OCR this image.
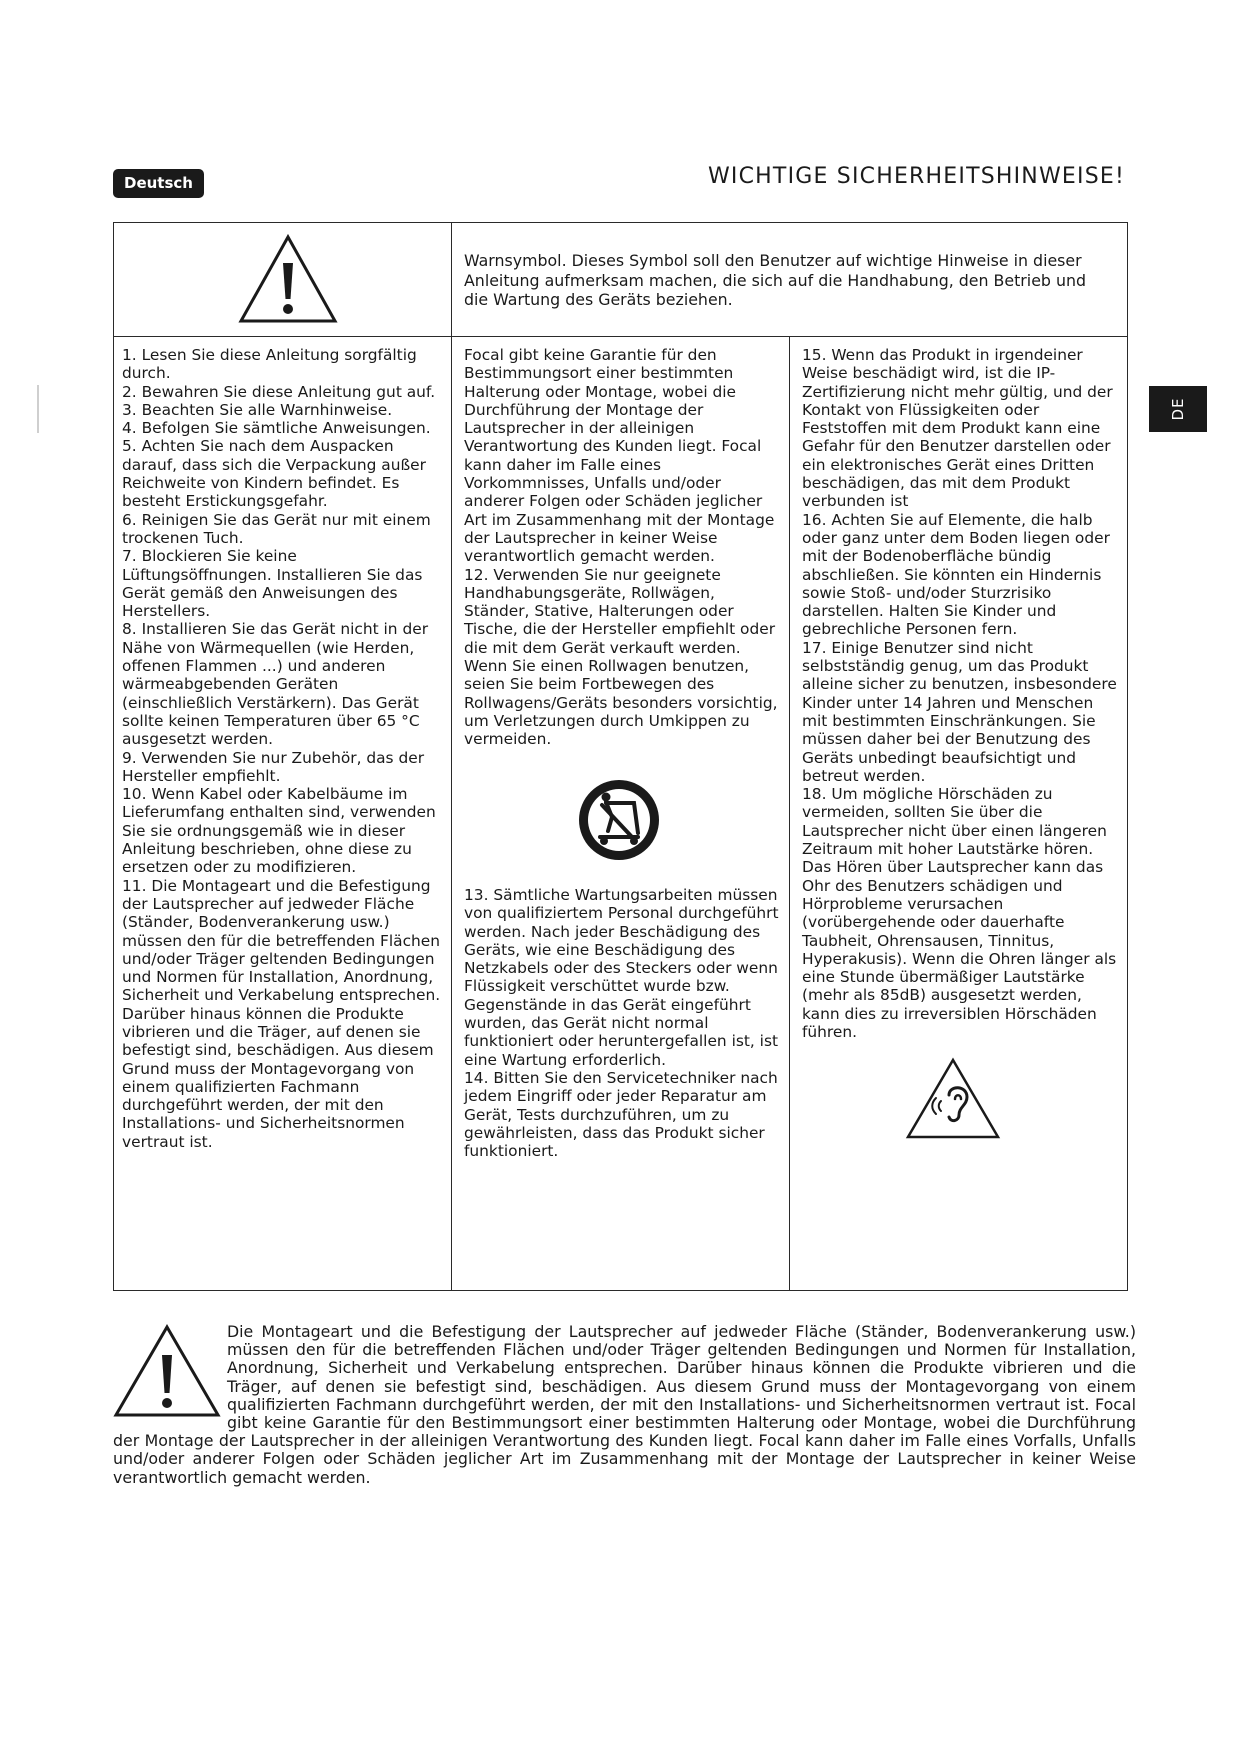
Deutsch	WICHTIGE SICHERHEITSHINWEISE!
DE

Warnsymbol. Dieses Symbol soll den Benutzer auf wichtige Hinweise in dieser Anleitung aufmerksam machen, die sich auf die Handhabung, den Betrieb und die Wartung des Geräts beziehen.

1. Lesen Sie diese Anleitung sorgfältig durch.

2. Bewahren Sie diese Anleitung gut auf.

3. Beachten Sie alle Warnhinweise.

4. Befolgen Sie sämtliche Anweisungen.

5. Achten Sie nach dem Auspacken darauf, dass sich die Verpackung außer Reichweite von Kindern befindet. Es besteht Erstickungsgefahr.

6. Reinigen Sie das Gerät nur mit einem trockenen Tuch.

7. Blockieren Sie keine Lüftungsöffnungen. Installieren Sie das Gerät gemäß den Anweisungen des Herstellers.

8. Installieren Sie das Gerät nicht in der Nähe von Wärmequellen (wie Herden, offenen Flammen ...) und anderen wärmeabgebenden Geräten (einschließlich Verstärkern). Das Gerät sollte keinen Temperaturen über 65 °C ausgesetzt werden.

9. Verwenden Sie nur Zubehör, das der Hersteller empfiehlt.

10. Wenn Kabel oder Kabelbäume im Lieferumfang enthalten sind, verwenden Sie sie ordnungsgemäß wie in dieser Anleitung beschrieben, ohne diese zu ersetzen oder zu modifizieren.

11. Die Montageart und die Befestigung der Lautsprecher auf jedweder Fläche (Ständer, Bodenverankerung usw.) müssen den für die betreffenden Flächen und/oder Träger geltenden Bedingungen und Normen für Installation, Anordnung, Sicherheit und Verkabelung entsprechen. Darüber hinaus können die Produkte vibrieren und die Träger, auf denen sie befestigt sind, beschädigen. Aus diesem Grund muss der Montagevorgang von einem qualifizierten Fachmann durchgeführt werden, der mit den Installations- und Sicherheitsnormen vertraut ist.

Focal gibt keine Garantie für den Bestimmungsort einer bestimmten Halterung oder Montage, wobei die Durchführung der Montage der Lautsprecher in der alleinigen Verantwortung des Kunden liegt. Focal kann daher im Falle eines Vorkommnisses, Unfalls und/oder anderer Folgen oder Schäden jeglicher Art im Zusammenhang mit der Montage der Lautsprecher in keiner Weise verantwortlich gemacht werden.

12. Verwenden Sie nur geeignete Handhabungsgeräte, Rollwägen, Ständer, Stative, Halterungen oder Tische, die der Hersteller empfiehlt oder die mit dem Gerät verkauft werden. Wenn Sie einen Rollwagen benutzen, seien Sie beim Fortbewegen des Rollwagens/Geräts besonders vorsichtig, um Verletzungen durch Umkippen zu vermeiden.

13. Sämtliche Wartungsarbeiten müssen von qualifiziertem Personal durchgeführt werden. Nach jeder Beschädigung des Geräts, wie eine Beschädigung des Netzkabels oder des Steckers oder wenn Flüssigkeit verschüttet wurde bzw. Gegenstände in das Gerät eingeführt wurden, das Gerät nicht normal funktioniert oder heruntergefallen ist, ist eine Wartung erforderlich.

14. Bitten Sie den Servicetechniker nach jedem Eingriff oder jeder Reparatur am Gerät, Tests durchzuführen, um zu gewährleisten, dass das Produkt sicher funktioniert.

15. Wenn das Produkt in irgendeiner Weise beschädigt wird, ist die IP-Zertifizierung nicht mehr gültig, und der Kontakt von Flüssigkeiten oder Feststoffen mit dem Produkt kann eine Gefahr für den Benutzer darstellen oder ein elektronisches Gerät eines Dritten beschädigen, das mit dem Produkt verbunden ist

16. Achten Sie auf Elemente, die halb oder ganz unter dem Boden liegen oder mit der Bodenoberfläche bündig abschließen. Sie könnten ein Hindernis sowie Stoß- und/oder Sturzrisiko darstellen. Halten Sie Kinder und gebrechliche Personen fern.

17. Einige Benutzer sind nicht selbstständig genug, um das Produkt alleine sicher zu benutzen, insbesondere Kinder unter 14 Jahren und Menschen mit bestimmten Einschränkungen. Sie müssen daher bei der Benutzung des Geräts unbedingt beaufsichtigt und betreut werden.

18. Um mögliche Hörschäden zu vermeiden, sollten Sie über die Lautsprecher nicht über einen längeren Zeitraum mit hoher Lautstärke hören. Das Hören über Lautsprecher kann das Ohr des Benutzers schädigen und Hörprobleme verursachen (vorübergehende oder dauerhafte Taubheit, Ohrensausen, Tinnitus, Hyperakusis). Wenn die Ohren länger als eine Stunde übermäßiger Lautstärke (mehr als 85dB) ausgesetzt werden, kann dies zu irreversiblen Hörschäden führen.

Die Montageart und die Befestigung der Lautsprecher auf jedweder Fläche (Ständer, Bodenverankerung usw.) müssen den für die betreffenden Flächen und/oder Träger geltenden Bedingungen und Normen für Installation, Anordnung, Sicherheit und Verkabelung entsprechen. Darüber hinaus können die Produkte vibrieren und die Träger, auf denen sie befestigt sind, beschädigen. Aus diesem Grund muss der Montagevorgang von einem qualifizierten Fachmann durchgeführt werden, der mit den Installations- und Sicherheitsnormen vertraut ist. Focal gibt keine Garantie für den Bestimmungsort einer bestimmten Halterung oder Montage, wobei die Durchführung der Montage der Lautsprecher in der alleinigen Verantwortung des Kunden liegt. Focal kann daher im Falle eines Vorfalls, Unfalls und/oder anderer Folgen oder Schäden jeglicher Art im Zusammenhang mit der Montage der Lautsprecher in keiner Weise verantwortlich gemacht werden.
